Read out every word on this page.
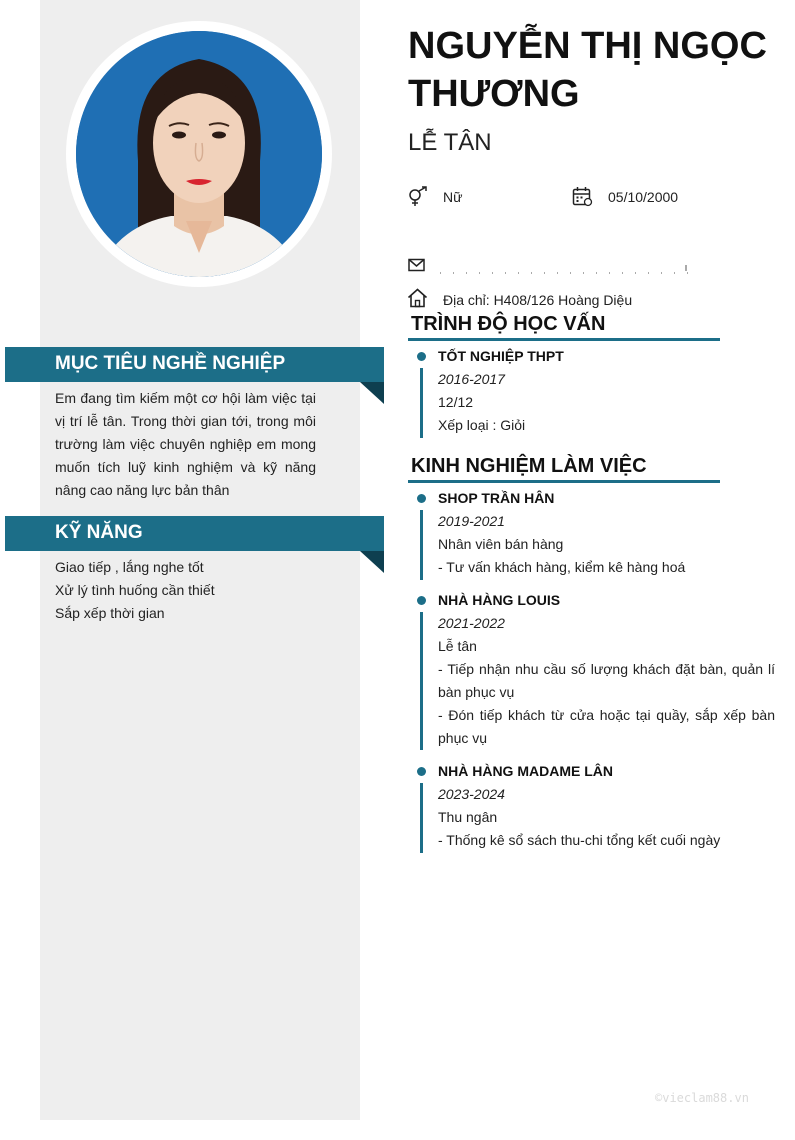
NGUYỄN THỊ NGỌC THƯƠNG
LỄ TÂN
Nữ	05/10/2000
Địa chỉ: H408/126 Hoàng Diệu
MỤC TIÊU NGHỀ NGHIỆP
Em đang tìm kiếm một cơ hội làm việc tại vị trí lễ tân. Trong thời gian tới, trong môi trường làm việc chuyên nghiệp em mong muốn tích luỹ kinh nghiệm và kỹ năng nâng cao năng lực bản thân
KỸ NĂNG
Giao tiếp , lắng nghe tốt
Xử lý tình huống cần thiết
Sắp xếp thời gian
TRÌNH ĐỘ HỌC VẤN
TỐT NGHIỆP THPT
2016-2017
12/12
Xếp loại : Giỏi
KINH NGHIỆM LÀM VIỆC
SHOP TRẦN HÂN
2019-2021
Nhân viên bán hàng
- Tư vấn khách hàng, kiểm kê hàng hoá
NHÀ HÀNG LOUIS
2021-2022
Lễ tân
- Tiếp nhận nhu cầu số lượng khách đặt bàn, quản lí bàn phục vụ
- Đón tiếp khách từ cửa hoặc tại quầy, sắp xếp bàn phục vụ
NHÀ HÀNG MADAME LÂN
2023-2024
Thu ngân
- Thống kê sổ sách thu-chi tổng kết cuối ngày
©vieclam88.vn
